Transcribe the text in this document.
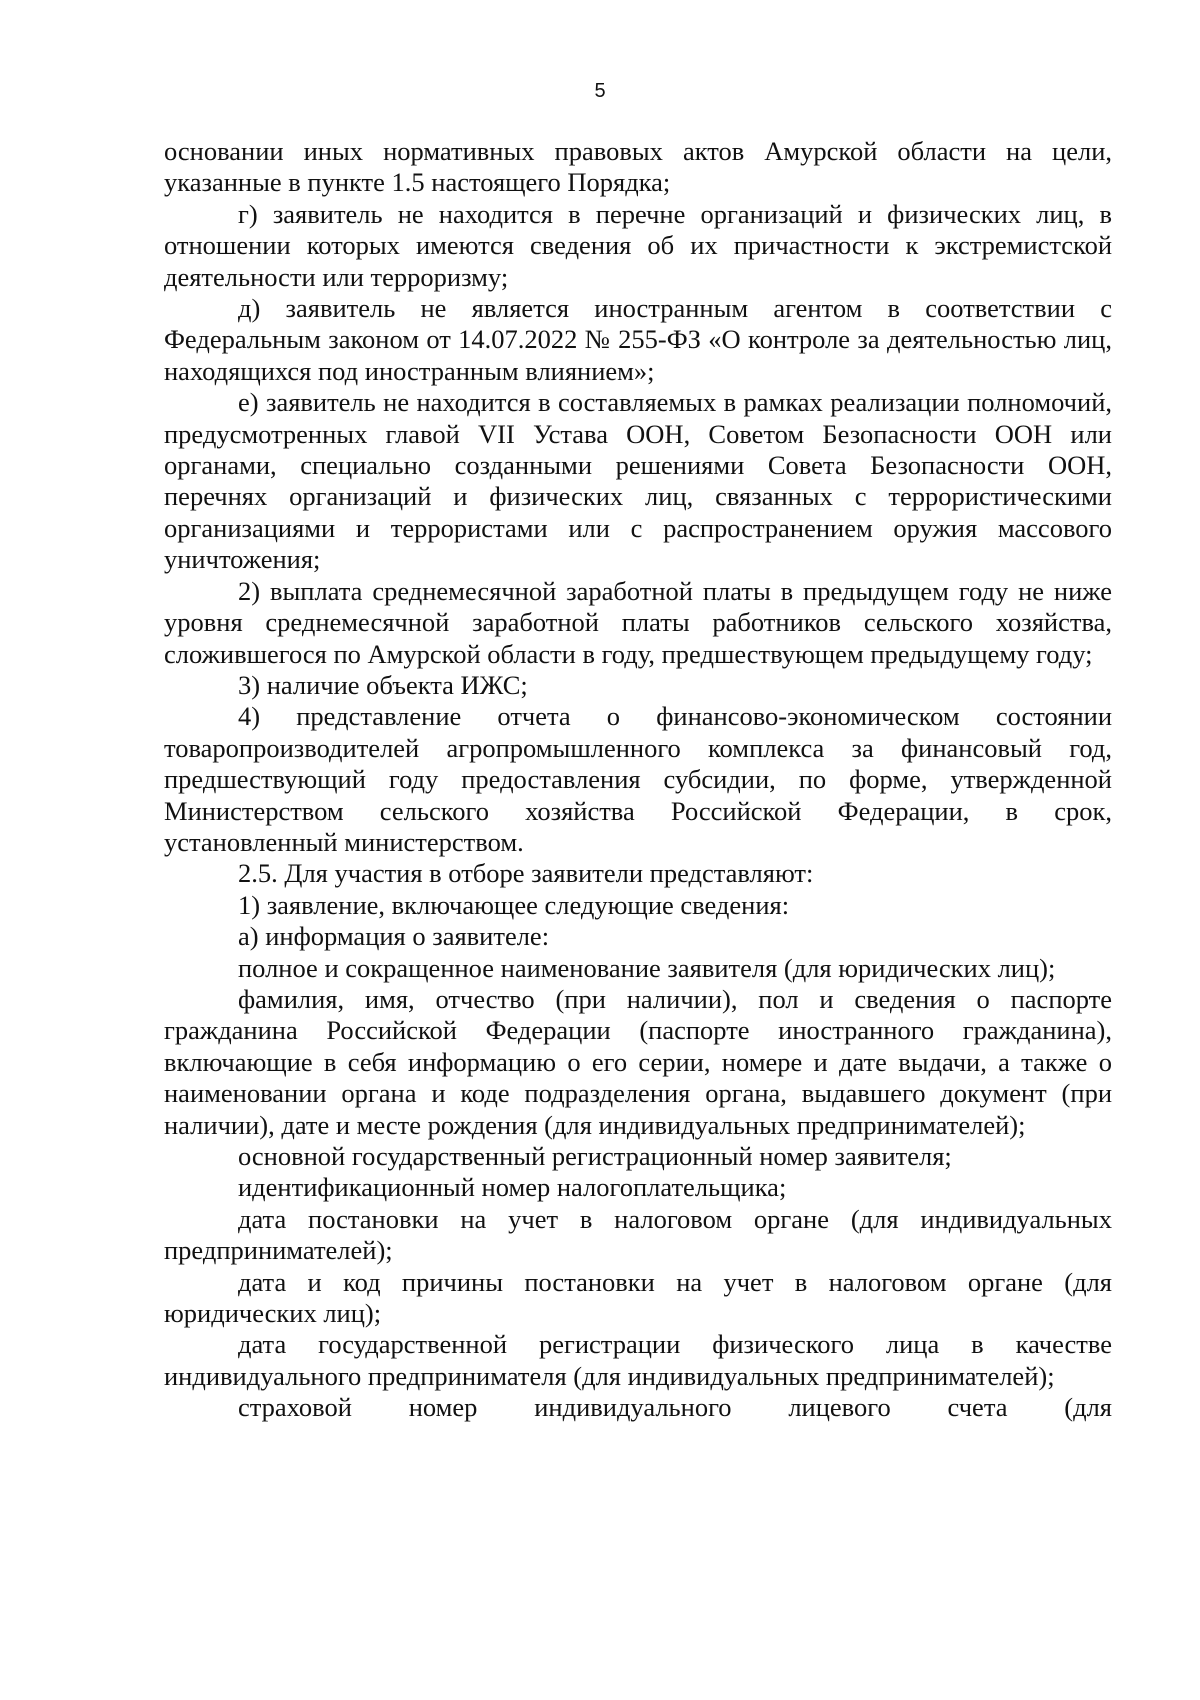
5

основании иных нормативных правовых актов Амурской области на цели, указанные в пункте 1.5 настоящего Порядка;

г) заявитель не находится в перечне организаций и физических лиц, в отношении которых имеются сведения об их причастности к экстремистской деятельности или терроризму;

д) заявитель не является иностранным агентом в соответствии с Федеральным законом от 14.07.2022 № 255-ФЗ «О контроле за деятельностью лиц, находящихся под иностранным влиянием»;

е) заявитель не находится в составляемых в рамках реализации полномочий, предусмотренных главой VII Устава ООН, Советом Безопасности ООН или органами, специально созданными решениями Совета Безопасности ООН, перечнях организаций и физических лиц, связанных с террористическими организациями и террористами или с распространением оружия массового уничтожения;

2) выплата среднемесячной заработной платы в предыдущем году не ниже уровня среднемесячной заработной платы работников сельского хозяйства, сложившегося по Амурской области в году, предшествующем предыдущему году;

3) наличие объекта ИЖС;

4) представление отчета о финансово-экономическом состоянии товаропроизводителей агропромышленного комплекса за финансовый год, предшествующий году предоставления субсидии, по форме, утвержденной Министерством сельского хозяйства Российской Федерации, в срок, установленный министерством.

2.5. Для участия в отборе заявители представляют:

1) заявление, включающее следующие сведения:

а) информация о заявителе:

полное и сокращенное наименование заявителя (для юридических лиц);

фамилия, имя, отчество (при наличии), пол и сведения о паспорте гражданина Российской Федерации (паспорте иностранного гражданина), включающие в себя информацию о его серии, номере и дате выдачи, а также о наименовании органа и коде подразделения органа, выдавшего документ (при наличии), дате и месте рождения (для индивидуальных предпринимателей);

основной государственный регистрационный номер заявителя;

идентификационный номер налогоплательщика;

дата постановки на учет в налоговом органе (для индивидуальных предпринимателей);

дата и код причины постановки на учет в налоговом органе (для юридических лиц);

дата государственной регистрации физического лица в качестве индивидуального предпринимателя (для индивидуальных предпринимателей);

страховой номер индивидуального лицевого счета (для
